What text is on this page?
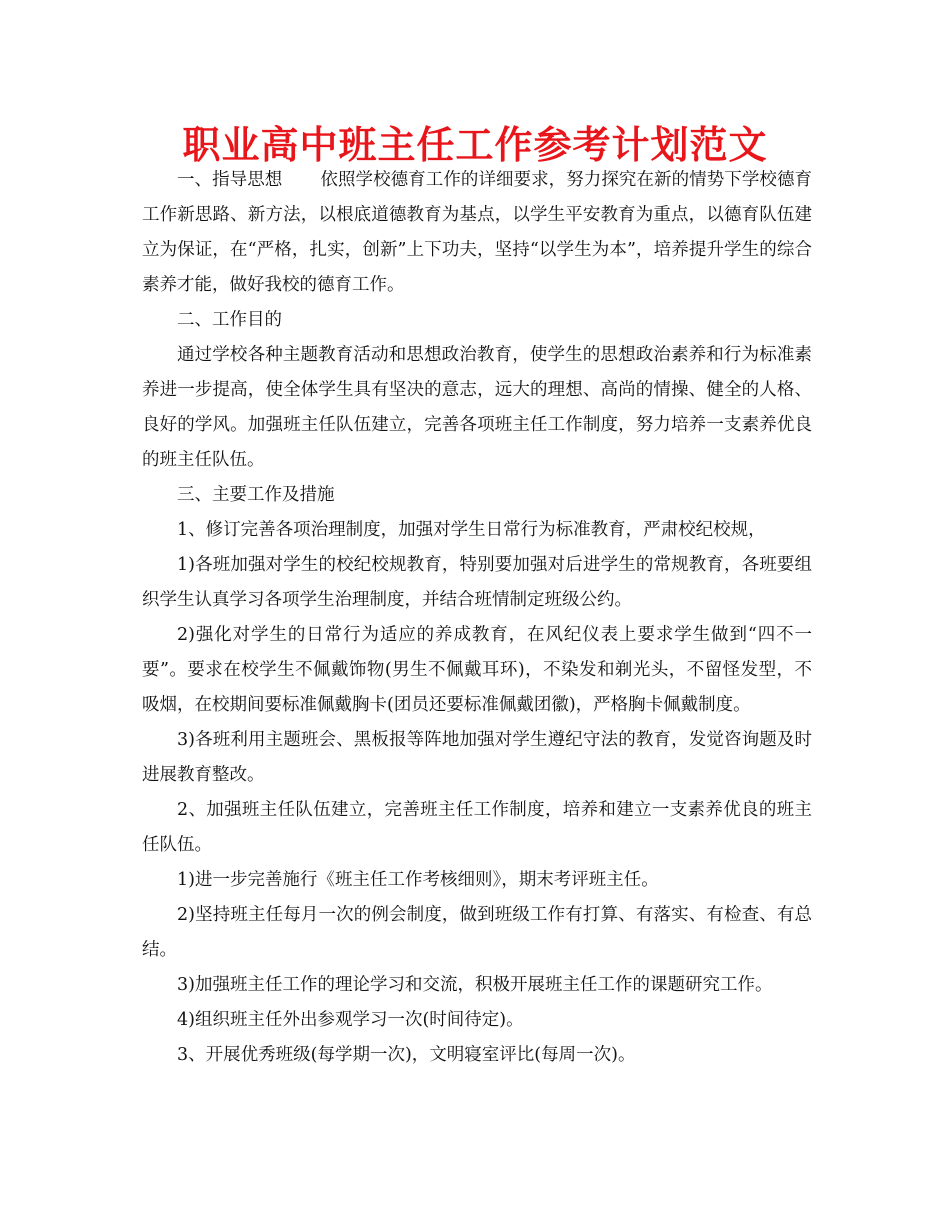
职业高中班主任工作参考计划范文

一、指导思想 依照学校德育工作的详细要求，努力探究在新的情势下学校德育工作新思路、新方法，以根底道德教育为基点，以学生平安教育为重点，以德育队伍建立为保证，在“严格，扎实，创新”上下功夫，坚持“以学生为本”，培养提升学生的综合素养才能，做好我校的德育工作。

二、工作目的

通过学校各种主题教育活动和思想政治教育，使学生的思想政治素养和行为标准素养进一步提高，使全体学生具有坚决的意志，远大的理想、高尚的情操、健全的人格、良好的学风。加强班主任队伍建立，完善各项班主任工作制度，努力培养一支素养优良的班主任队伍。

三、主要工作及措施

1、修订完善各项治理制度，加强对学生日常行为标准教育，严肃校纪校规，

1)各班加强对学生的校纪校规教育，特别要加强对后进学生的常规教育，各班要组织学生认真学习各项学生治理制度，并结合班情制定班级公约。

2)强化对学生的日常行为适应的养成教育，在风纪仪表上要求学生做到“四不一要”。要求在校学生不佩戴饰物(男生不佩戴耳环)，不染发和剃光头，不留怪发型，不吸烟，在校期间要标准佩戴胸卡(团员还要标准佩戴团徽)，严格胸卡佩戴制度。

3)各班利用主题班会、黑板报等阵地加强对学生遵纪守法的教育，发觉咨询题及时进展教育整改。

2、加强班主任队伍建立，完善班主任工作制度，培养和建立一支素养优良的班主任队伍。

1)进一步完善施行《班主任工作考核细则》，期末考评班主任。

2)坚持班主任每月一次的例会制度，做到班级工作有打算、有落实、有检查、有总结。

3)加强班主任工作的理论学习和交流，积极开展班主任工作的课题研究工作。

4)组织班主任外出参观学习一次(时间待定)。

3、开展优秀班级(每学期一次)，文明寝室评比(每周一次)。
